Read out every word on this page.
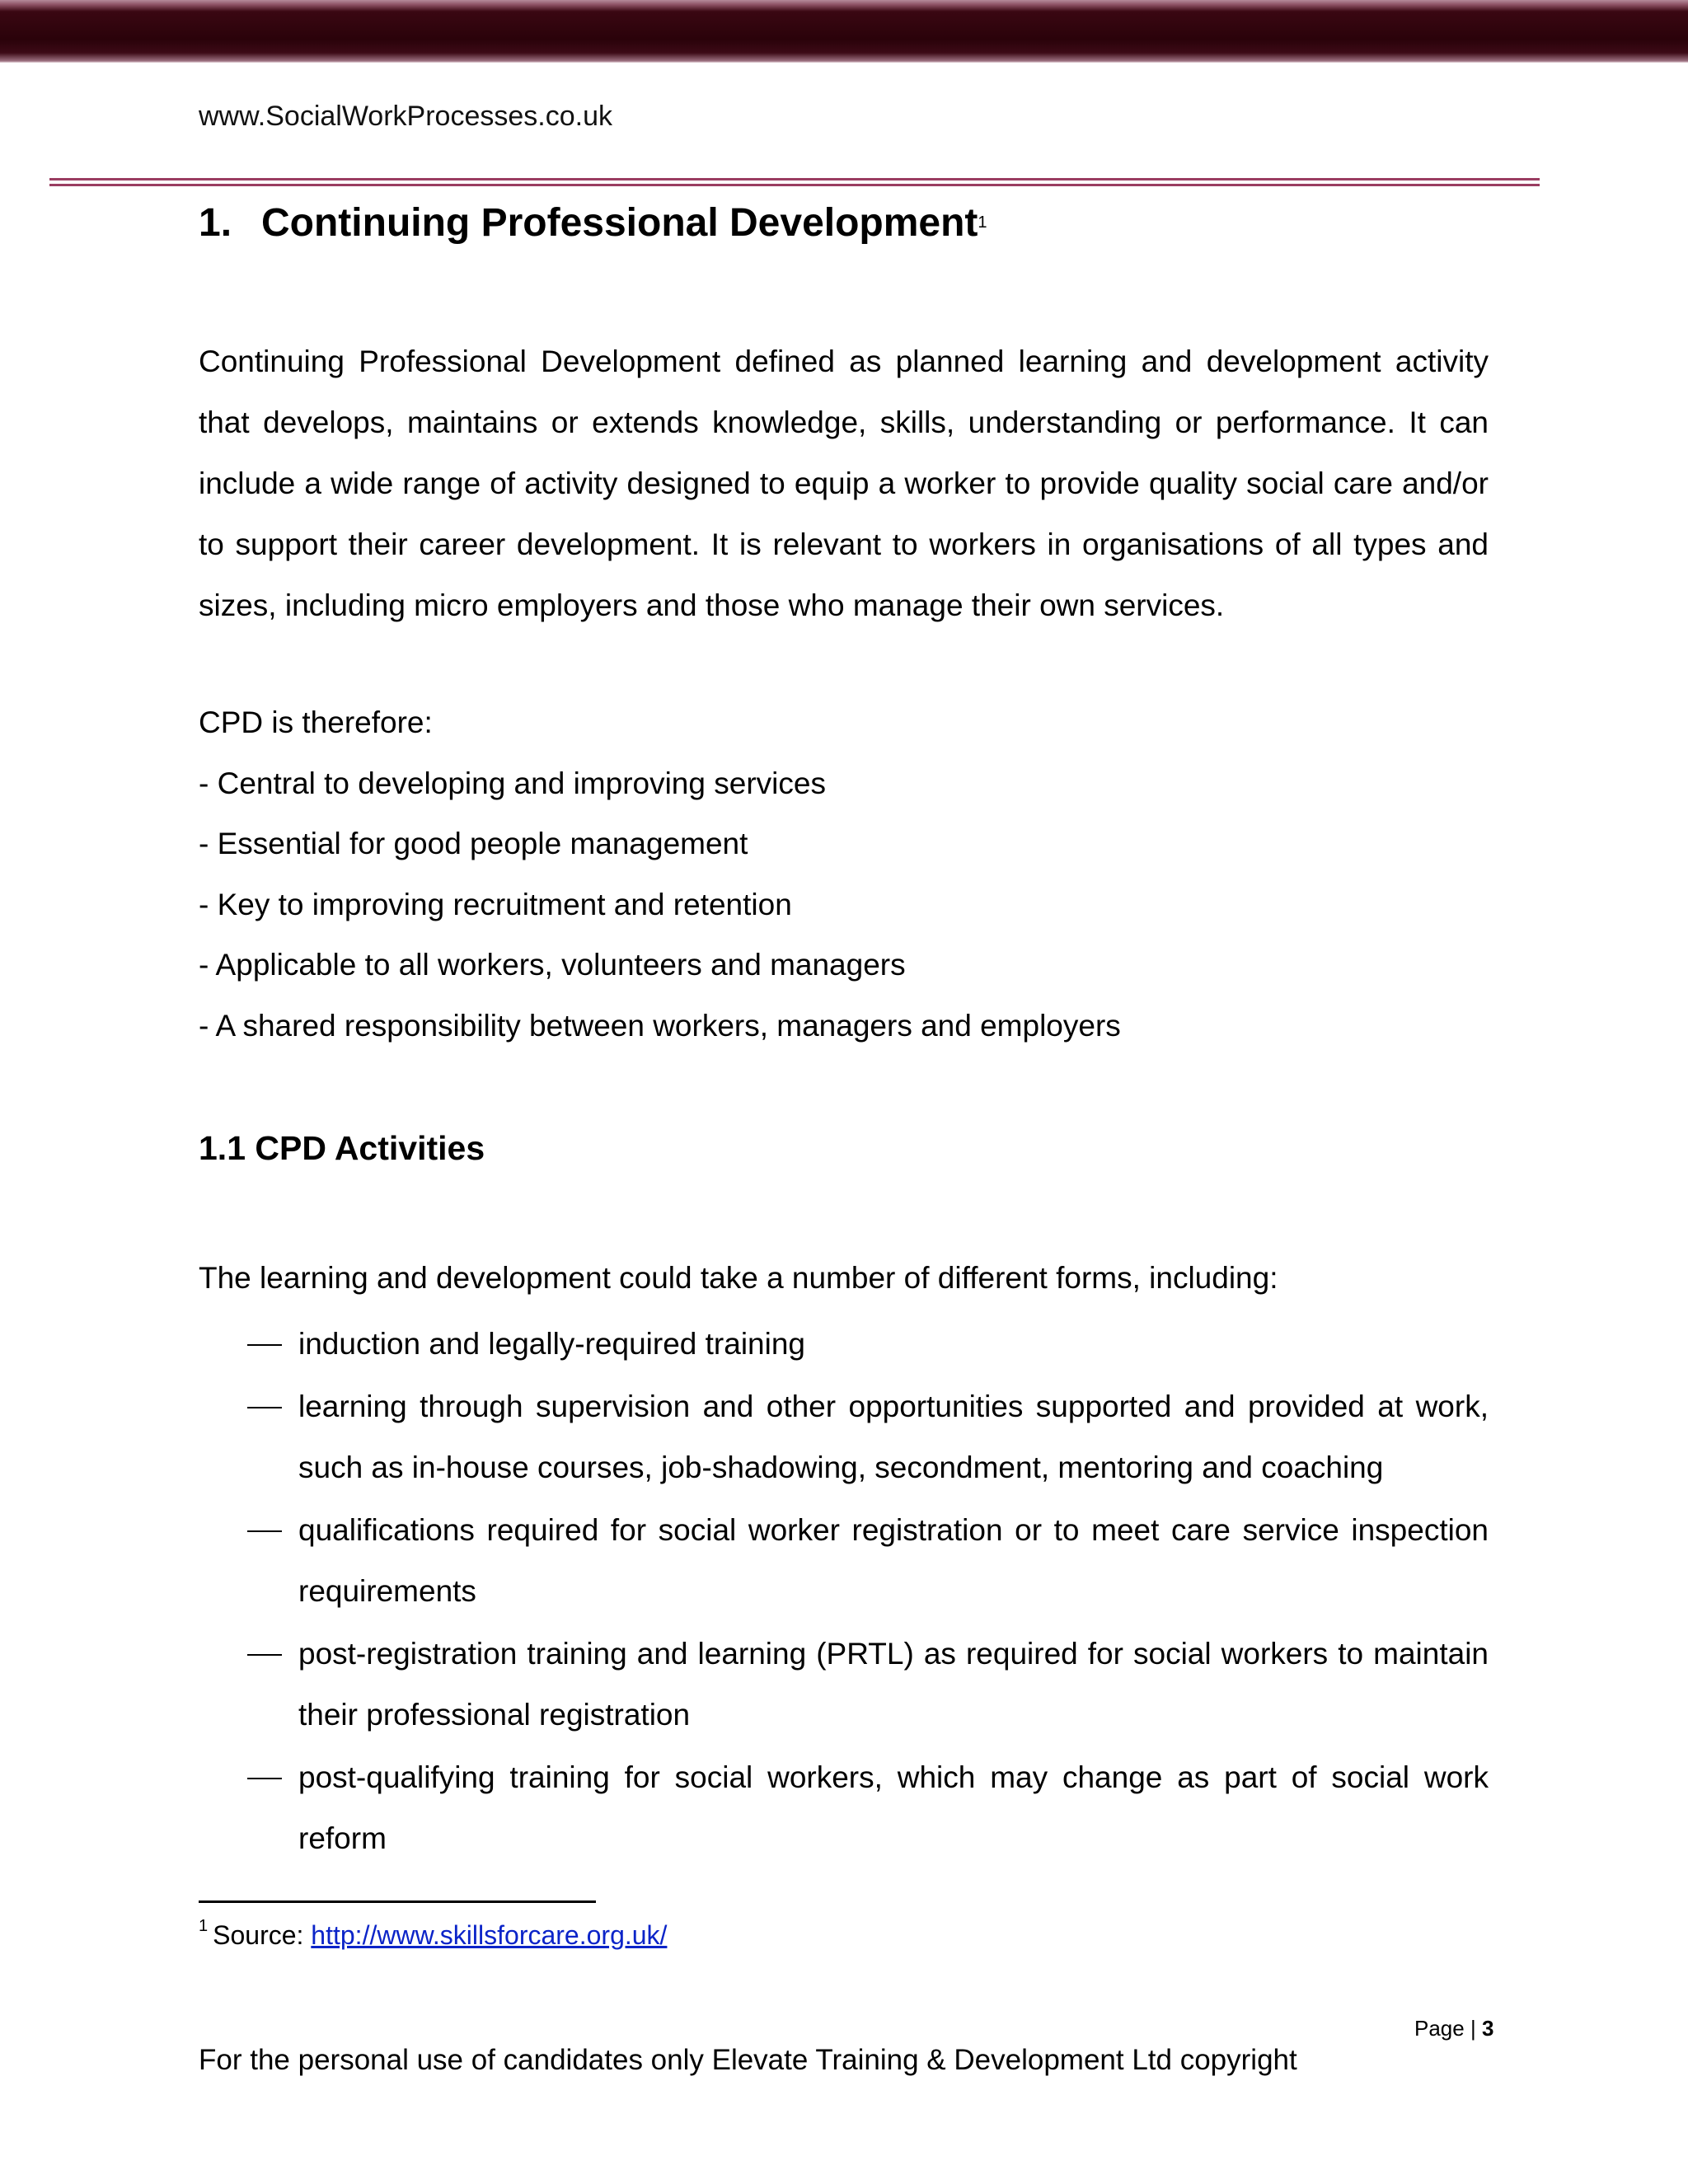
www.SocialWorkProcesses.co.uk

1. Continuing Professional Development$^1$

Continuing Professional Development defined as planned learning and development activity that develops, maintains or extends knowledge, skills, understanding or performance. It can include a wide range of activity designed to equip a worker to provide quality social care and/or to support their career development. It is relevant to workers in organisations of all types and sizes, including micro employers and those who manage their own services.

CPD is therefore:

- Central to developing and improving services

- Essential for good people management

- Key to improving recruitment and retention

- Applicable to all workers, volunteers and managers

- A shared responsibility between workers, managers and employers

1.1 CPD Activities

The learning and development could take a number of different forms, including:

induction and legally-required training
learning through supervision and other opportunities supported and provided at work, such as in-house courses, job-shadowing, secondment, mentoring and coaching
qualifications required for social worker registration or to meet care service inspection requirements
post-registration training and learning (PRTL) as required for social workers to maintain their professional registration
post-qualifying training for social workers, which may change as part of social work reform

$^1$ Source: http://www.skillsforcare.org.uk/

Page | 3

For the personal use of candidates only Elevate Training & Development Ltd copyright
